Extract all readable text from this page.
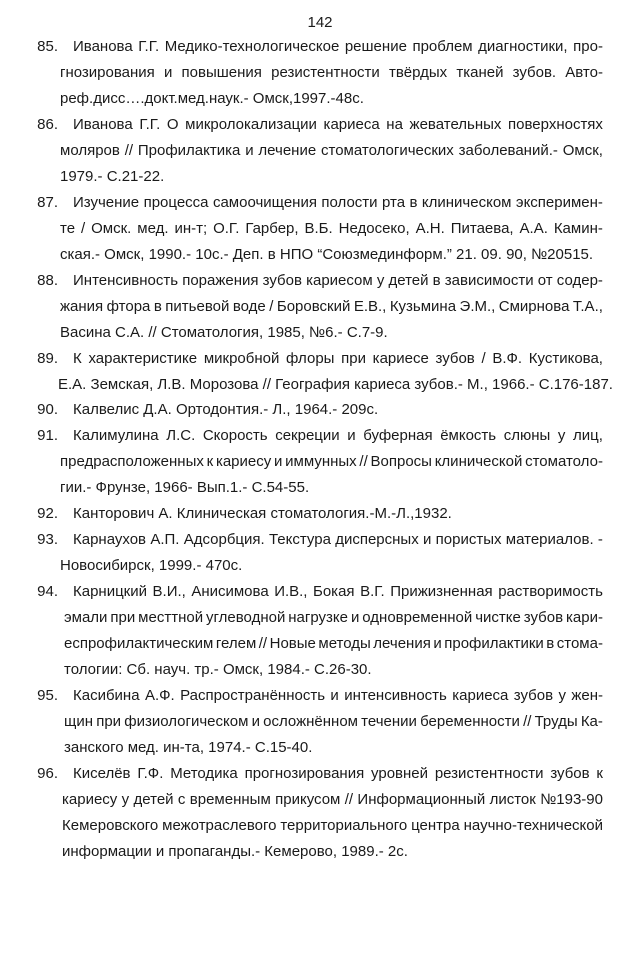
142
85. Иванова Г.Г. Медико-технологическое решение проблем диагностики, про-
гнозирования и повышения резистентности твёрдых тканей зубов. Авто-
реф.дисс….докт.мед.наук.- Омск,1997.-48с.
86. Иванова Г.Г. О микролокализации кариеса на жевательных поверхностях
моляров // Профилактика и лечение стоматологических заболеваний.- Омск,
1979.- С.21-22.
87. Изучение процесса самоочищения полости рта в клиническом эксперимен-
те / Омск. мед. ин-т; О.Г. Гарбер, В.Б. Недосеко, А.Н. Питаева, А.А. Камин-
ская.- Омск, 1990.- 10с.- Деп. в НПО “Союзмединформ.” 21. 09. 90, №20515.
88. Интенсивность поражения зубов кариесом у детей в зависимости от содер-
жания фтора в питьевой воде / Боровский Е.В., Кузьмина Э.М., Смирнова Т.А.,
Васина С.А. // Стоматология, 1985, №6.- С.7-9.
89. К характеристике микробной флоры при кариесе зубов / В.Ф. Кустикова,
Е.А. Земская, Л.В. Морозова // География кариеса зубов.- М., 1966.- С.176-187.
90. Калвелис Д.А. Ортодонтия.- Л., 1964.- 209с.
91. Калимулина Л.С. Скорость секреции и буферная ёмкость слюны у лиц,
предрасположенных к кариесу и иммунных // Вопросы клинической стоматоло-
гии.- Фрунзе, 1966- Вып.1.- С.54-55.
92. Канторович А. Клиническая стоматология.-М.-Л.,1932.
93. Карнаухов А.П. Адсорбция. Текстура дисперсных и пористых материалов. -
Новосибирск, 1999.- 470с.
94. Карницкий В.И., Анисимова И.В., Бокая В.Г. Прижизненная растворимость
эмали при месттной углеводной нагрузке и одновременной чистке зубов кари-
еспрофилактическим гелем // Новые методы лечения и профилактики в стома-
тологии: Сб. науч. тр.- Омск, 1984.- С.26-30.
95. Касибина А.Ф. Распространённость и интенсивность кариеса зубов у жен-
щин при физиологическом и осложнённом течении беременности // Труды Ка-
занского мед. ин-та, 1974.- С.15-40.
96. Киселёв Г.Ф. Методика прогнозирования уровней резистентности зубов к
кариесу у детей с временным прикусом // Информационный листок №193-90
Кемеровского межотраслевого территориального центра научно-технической
информации и пропаганды.- Кемерово, 1989.- 2с.
